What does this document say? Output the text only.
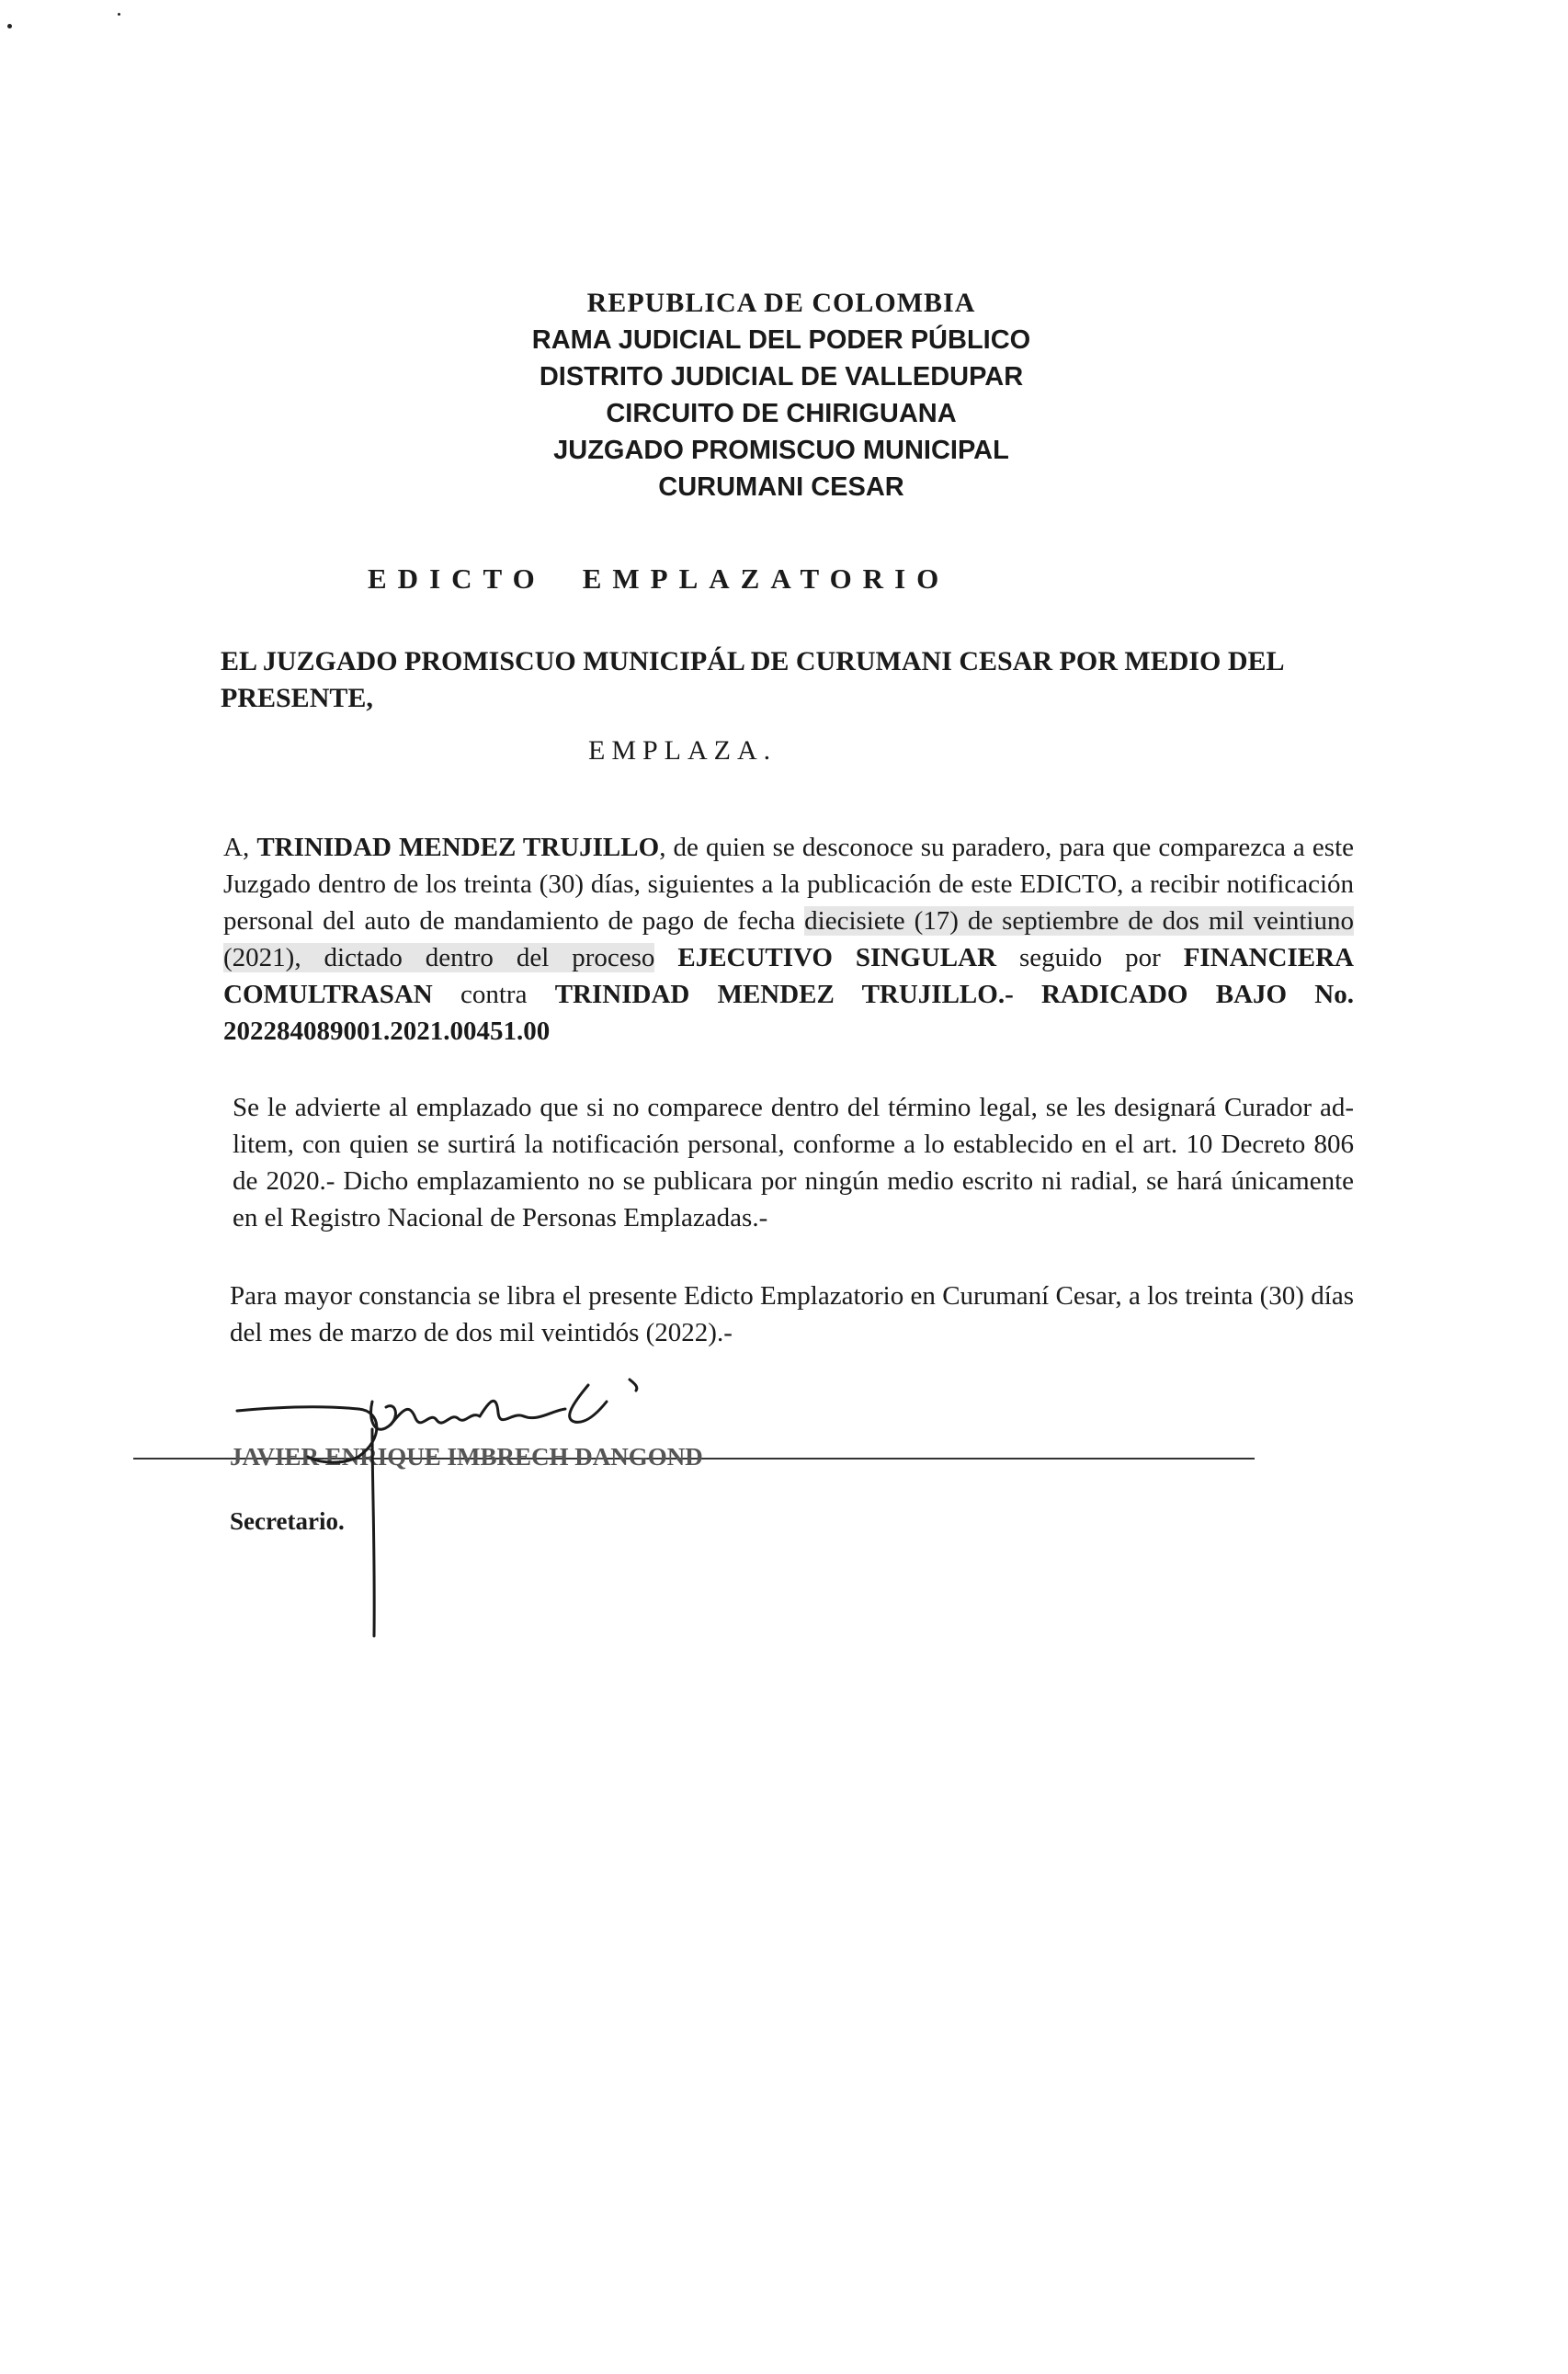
REPUBLICA DE COLOMBIA
RAMA JUDICIAL DEL PODER PÚBLICO
DISTRITO JUDICIAL DE VALLEDUPAR
CIRCUITO DE CHIRIGUANA
JUZGADO PROMISCUO MUNICIPAL
CURUMANI CESAR
EDICTO EMPLAZATORIO
EL JUZGADO PROMISCUO MUNICIPÁL DE CURUMANI CESAR POR MEDIO DEL PRESENTE,
EMPLAZA.
A, TRINIDAD MENDEZ TRUJILLO, de quien se desconoce su paradero, para que comparezca a este Juzgado dentro de los treinta (30) días, siguientes a la publicación de este EDICTO, a recibir notificación personal del auto de mandamiento de pago de fecha diecisiete (17) de septiembre de dos mil veintiuno (2021), dictado dentro del proceso EJECUTIVO SINGULAR seguido por FINANCIERA COMULTRASAN contra TRINIDAD MENDEZ TRUJILLO.- RADICADO BAJO No. 202284089001.2021.00451.00
Se le advierte al emplazado que si no comparece dentro del término legal, se les designará Curador ad-litem, con quien se surtirá la notificación personal, conforme a lo establecido en el art. 10 Decreto 806 de 2020.- Dicho emplazamiento no se publicara por ningún medio escrito ni radial, se hará únicamente en el Registro Nacional de Personas Emplazadas.-
Para mayor constancia se libra el presente Edicto Emplazatorio en Curumaní Cesar, a los treinta (30) días del mes de marzo de dos mil veintidós (2022).-
JAVIER ENRIQUE IMBRECH DANGOND
Secretario.
